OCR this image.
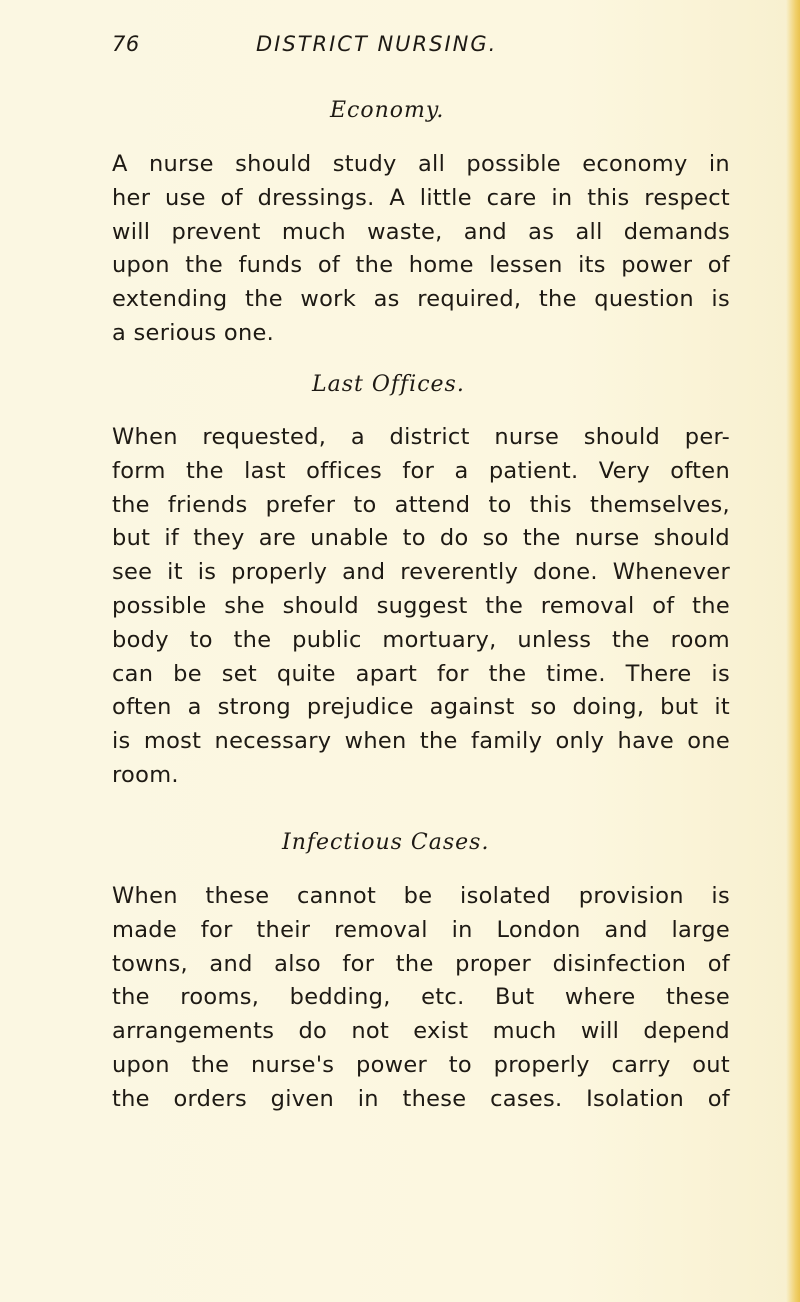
76	DISTRICT NURSING.
Economy.
A nurse should study all possible economy in
her use of dressings. A little care in this respect
will prevent much waste, and as all demands
upon the funds of the home lessen its power of
extending the work as required, the question is
a serious one.
Last Offices.
When requested, a district nurse should per-
form the last offices for a patient. Very often
the friends prefer to attend to this themselves,
but if they are unable to do so the nurse should
see it is properly and reverently done. Whenever
possible she should suggest the removal of the
body to the public mortuary, unless the room
can be set quite apart for the time. There is
often a strong prejudice against so doing, but it
is most necessary when the family only have one
room.
Infectious Cases.
When these cannot be isolated provision is
made for their removal in London and large
towns, and also for the proper disinfection of
the rooms, bedding, etc. But where these
arrangements do not exist much will depend
upon the nurse's power to properly carry out
the orders given in these cases. Isolation of
